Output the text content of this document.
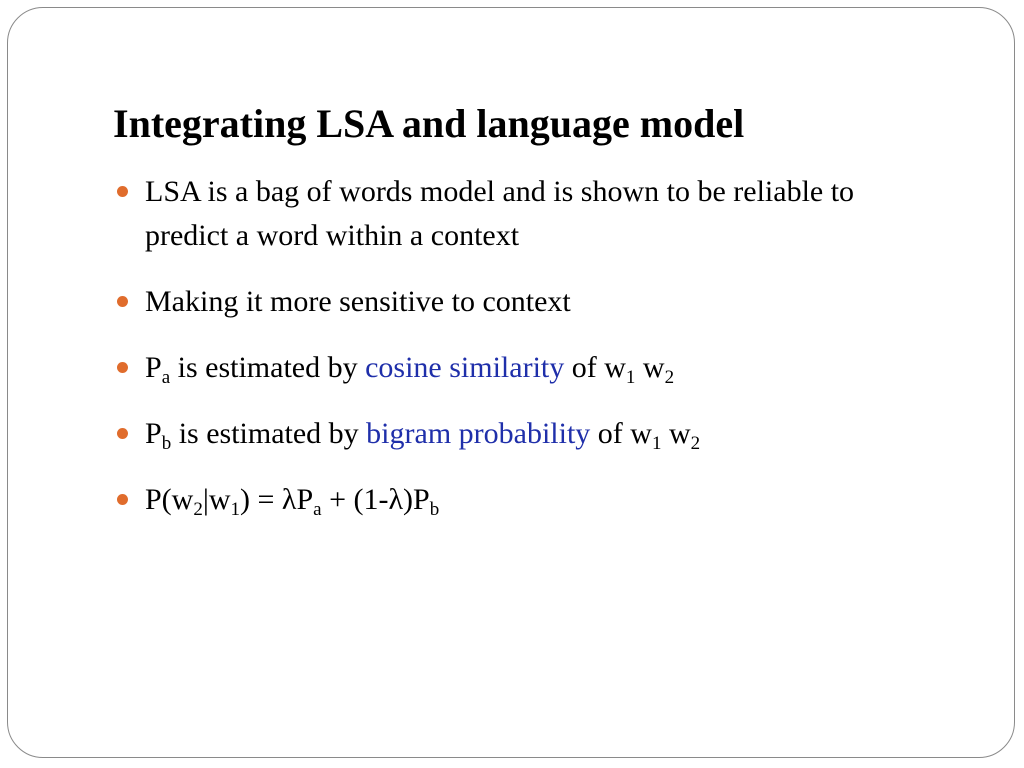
Integrating LSA and language model
LSA is a bag of words model and is shown to be reliable to predict a word within a context
Making it more sensitive to context
$P_a$ is estimated by cosine similarity of $w_1$ $w_2$
$P_b$ is estimated by bigram probability of $w_1$ $w_2$
$P(w_2|w_1) = \lambda P_a + (1-\lambda)P_b$
